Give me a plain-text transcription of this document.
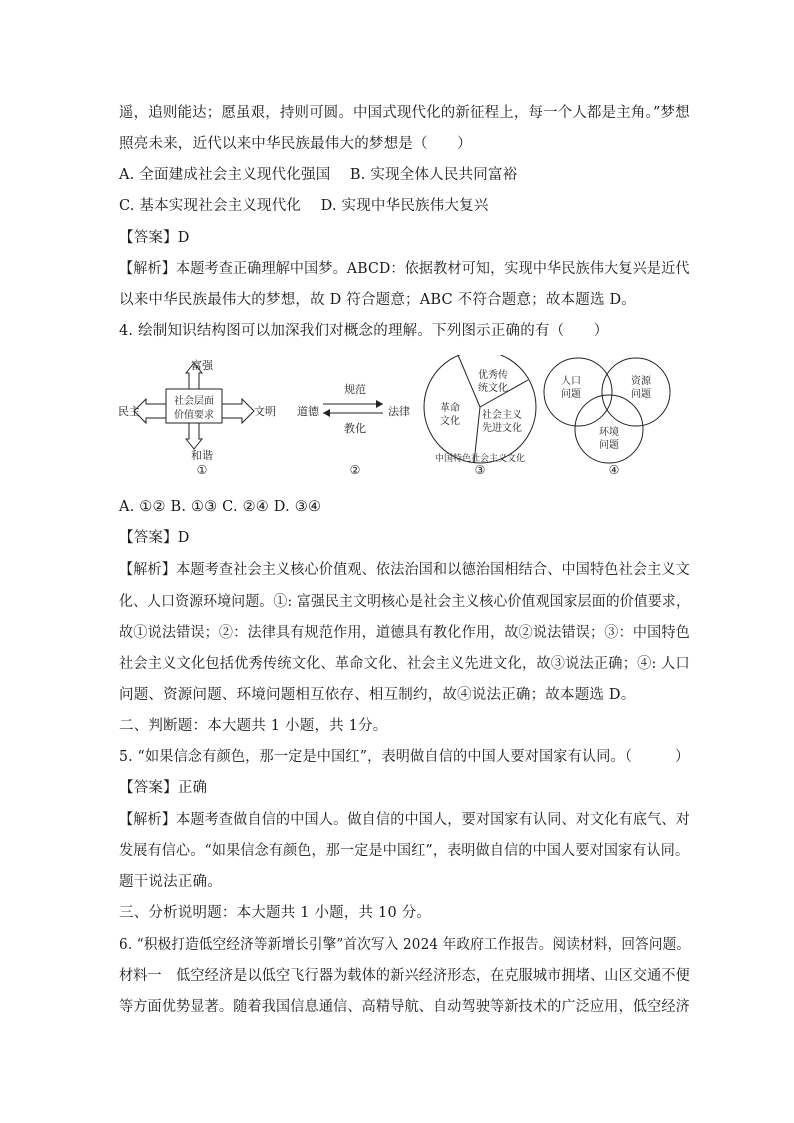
遥，追则能达；愿虽艰，持则可圆。中国式现代化的新征程上，每一个人都是主角。”梦想
照亮未来，近代以来中华民族最伟大的梦想是（　　）
A. 全面建成社会主义现代化强国　 B. 实现全体人民共同富裕
C. 基本实现社会主义现代化　 D. 实现中华民族伟大复兴
【答案】D
【解析】本题考查正确理解中国梦。ABCD：依据教材可知，实现中华民族伟大复兴是近代
以来中华民族最伟大的梦想，故 D 符合题意；ABC 不符合题意；故本题选 D。
4. 绘制知识结构图可以加深我们对概念的理解。下列图示正确的有（　　）
社会层面
价值要求
富强
民主	文明
和谐
①
道德	法律
规范
教化
②
优秀传
统文化
革命
文化
社会主义
先进文化
中国特色社会主义文化
③
人口
问题
资源
问题
环境
问题
④
A. ①② B. ①③ C. ②④ D. ③④
【答案】D
【解析】本题考查社会主义核心价值观、依法治国和以德治国相结合、中国特色社会主义文
化、人口资源环境问题。①: 富强民主文明核心是社会主义核心价值观国家层面的价值要求，
故①说法错误；②：法律具有规范作用，道德具有教化作用，故②说法错误；③：中国特色
社会主义文化包括优秀传统文化、革命文化、社会主义先进文化，故③说法正确；④: 人口
问题、资源问题、环境问题相互依存、相互制约，故④说法正确；故本题选 D。
二、判断题：本大题共 1 小题，共 1分。
5. “如果信念有颜色，那一定是中国红”，表明做自信的中国人要对国家有认同。（　　　）
【答案】正确
【解析】本题考查做自信的中国人。做自信的中国人，要对国家有认同、对文化有底气、对
发展有信心。“如果信念有颜色，那一定是中国红”，表明做自信的中国人要对国家有认同。
题干说法正确。
三、分析说明题：本大题共 1 小题，共 10 分。
6. “积极打造低空经济等新增长引擎”首次写入 2024 年政府工作报告。阅读材料，回答问题。
材料一　低空经济是以低空飞行器为载体的新兴经济形态，在克服城市拥堵、山区交通不便
等方面优势显著。随着我国信息通信、高精导航、自动驾驶等新技术的广泛应用，低空经济
